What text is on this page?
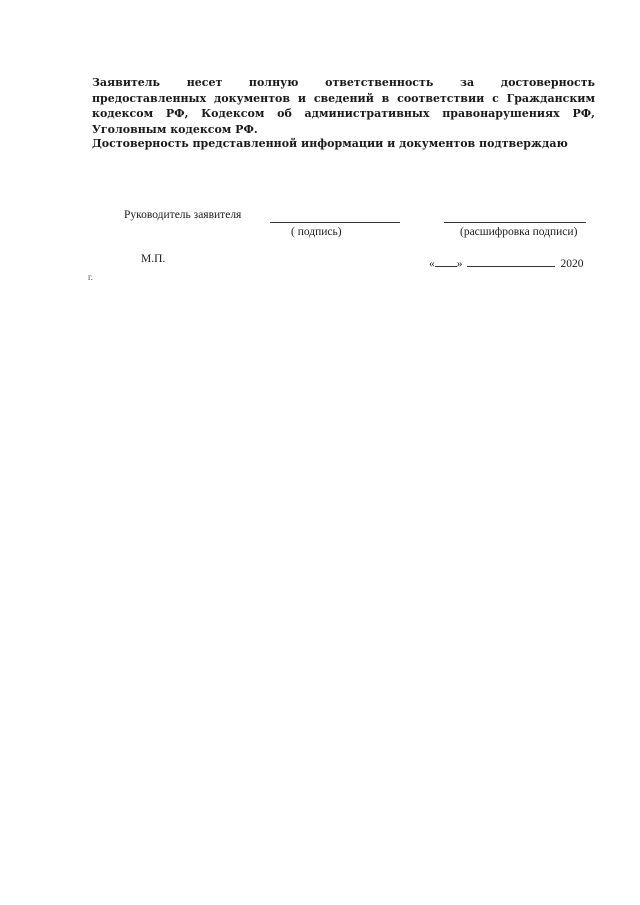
Заявитель несет полную ответственность за достоверность предоставленных документов и сведений в соответствии с Гражданским кодексом РФ, Кодексом об административных правонарушениях РФ, Уголовным кодексом РФ.
Достоверность представленной информации и документов подтверждаю
Руководитель заявителя
( подпись)	(расшифровка подписи)
М.П.	« »	2020
г.
